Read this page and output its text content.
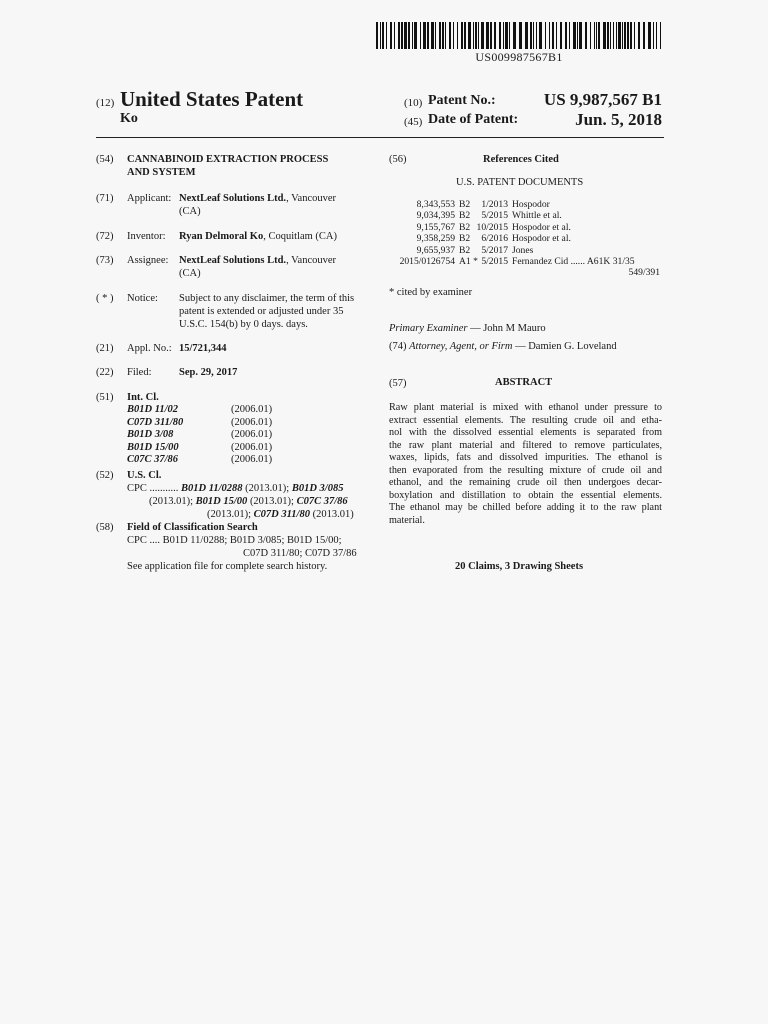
US009987567B1
(12) United States Patent
Ko
(10) Patent No.:	US 9,987,567 B1
(45) Date of Patent:	Jun. 5, 2018
(54) CANNABINOID EXTRACTION PROCESS
AND SYSTEM
(71) Applicant: NextLeaf Solutions Ltd., Vancouver
(CA)
(72) Inventor: Ryan Delmoral Ko, Coquitlam (CA)
(73) Assignee: NextLeaf Solutions Ltd., Vancouver
(CA)
( * ) Notice: Subject to any disclaimer, the term of this
patent is extended or adjusted under 35
U.S.C. 154(b) by 0 days. days.
(21) Appl. No.: 15/721,344
(22) Filed:	Sep. 29, 2017
(51) Int. Cl.
B01D 11/02	(2006.01)
C07D 311/80	(2006.01)
B01D 3/08	(2006.01)
B01D 15/00	(2006.01)
C07C 37/86	(2006.01)
(52) U.S. Cl.
CPC ........... B01D 11/0288 (2013.01); B01D 3/085
(2013.01); B01D 15/00 (2013.01); C07C 37/86
(2013.01); C07D 311/80 (2013.01)
(58) Field of Classification Search
CPC .... B01D 11/0288; B01D 3/085; B01D 15/00;
C07D 311/80; C07D 37/86
See application file for complete search history.
(56)	References Cited
U.S. PATENT DOCUMENTS
8,343,553 B2 1/2013 Hospodor
9,034,395 B2 5/2015 Whittle et al.
9,155,767 B2 10/2015 Hospodor et al.
9,358,259 B2 6/2016 Hospodor et al.
9,655,937 B2 5/2017 Jones
2015/0126754 A1 * 5/2015 Fernandez Cid ...... A61K 31/35
549/391
* cited by examiner
Primary Examiner — John M Mauro
(74) Attorney, Agent, or Firm — Damien G. Loveland
(57)	ABSTRACT
Raw plant material is mixed with ethanol under pressure to
extract essential elements. The resulting crude oil and etha-
nol with the dissolved essential elements is separated from
the raw plant material and filtered to remove particulates,
waxes, lipids, fats and dissolved impurities. The ethanol is
then evaporated from the resulting mixture of crude oil and
ethanol, and the remaining crude oil then undergoes decar-
boxylation and distillation to obtain the essential elements.
The ethanol may be chilled before adding it to the raw plant
material.
20 Claims, 3 Drawing Sheets
